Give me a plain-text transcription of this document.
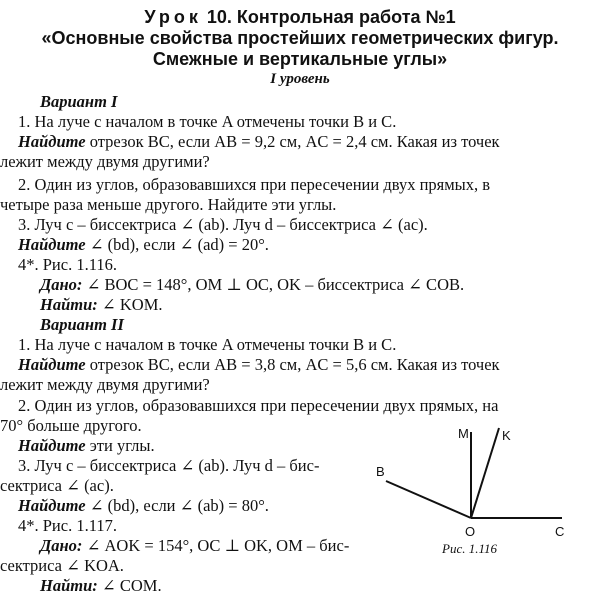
Урок 10. Контрольная работа №1
«Основные свойства простейших геометрических фигур.
Смежные и вертикальные углы»
I уровень
Вариант I
1. На луче с началом в точке A отмечены точки B и C.
Найдите отрезок BC, если AB = 9,2 см, AC = 2,4 см. Какая из точек
лежит между двумя другими?
2. Один из углов, образовавшихся при пересечении двух прямых, в
четыре раза меньше другого. Найдите эти углы.
3. Луч c – биссектриса ∠ (ab). Луч d – биссектриса ∠ (ac).
Найдите ∠ (bd), если ∠ (ad) = 20°.
4*. Рис. 1.116.
Дано: ∠ BOC = 148°, OM ⊥ OC, OK – биссектриса ∠ COB.
Найти: ∠ KOM.
Вариант II
1. На луче с началом в точке A отмечены точки B и C.
Найдите отрезок BC, если AB = 3,8 см, AC = 5,6 см. Какая из точек
лежит между двумя другими?
2. Один из углов, образовавшихся при пересечении двух прямых, на
70° больше другого.
Найдите эти углы.
3. Луч c – биссектриса ∠ (ab). Луч d – бис-
сектриса ∠ (ac).
Найдите ∠ (bd), если ∠ (ab) = 80°.
4*. Рис. 1.117.
Дано: ∠ AOK = 154°, OC ⊥ OK, OM – бис-
сектриса ∠ KOA.
Найти: ∠ COM.
M	K
B
O	C
Рис. 1.116
